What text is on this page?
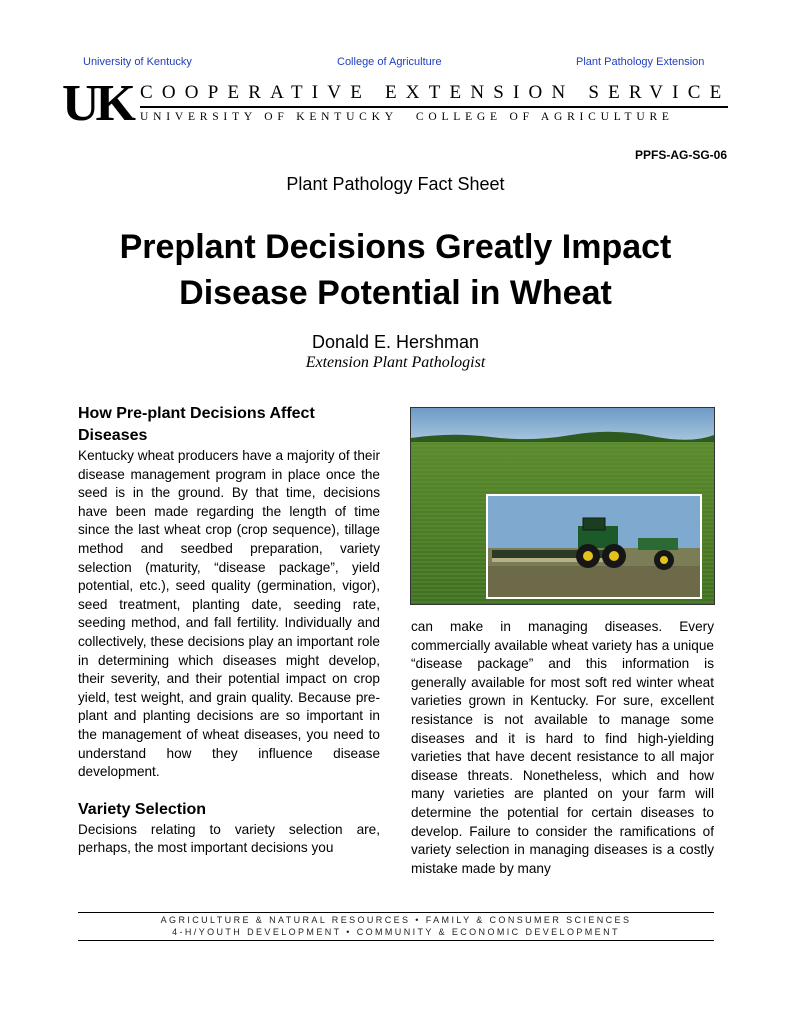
University of Kentucky	College of Agriculture	Plant Pathology Extension
UK COOPERATIVE EXTENSION SERVICE
UNIVERSITY OF KENTUCKY COLLEGE OF AGRICULTURE
PPFS-AG-SG-06
Plant Pathology Fact Sheet
Preplant Decisions Greatly Impact
Disease Potential in Wheat
Donald E. Hershman
Extension Plant Pathologist
How Pre-plant Decisions Affect Diseases

Kentucky wheat producers have a majority of their disease management program in place once the seed is in the ground. By that time, decisions have been made regarding the length of time since the last wheat crop (crop sequence), tillage method and seedbed preparation, variety selection (maturity, “disease package”, yield potential, etc.), seed quality (germination, vigor), seed treatment, planting date, seeding rate, seeding method, and fall fertility. Individually and collectively, these decisions play an important role in determining which diseases might develop, their severity, and their potential impact on crop yield, test weight, and grain quality. Because pre-plant and planting decisions are so important in the management of wheat diseases, you need to understand how they influence disease development.

Variety Selection

Decisions relating to variety selection are, perhaps, the most important decisions you

can make in managing diseases. Every commercially available wheat variety has a unique “disease package” and this information is generally available for most soft red winter wheat varieties grown in Kentucky. For sure, excellent resistance is not available to manage some diseases and it is hard to find high-yielding varieties that have decent resistance to all major disease threats. Nonetheless, which and how many varieties are planted on your farm will determine the potential for certain diseases to develop. Failure to consider the ramifications of variety selection in managing diseases is a costly mistake made by many

AGRICULTURE & NATURAL RESOURCES • FAMILY & CONSUMER SCIENCES
4-H/YOUTH DEVELOPMENT • COMMUNITY & ECONOMIC DEVELOPMENT
